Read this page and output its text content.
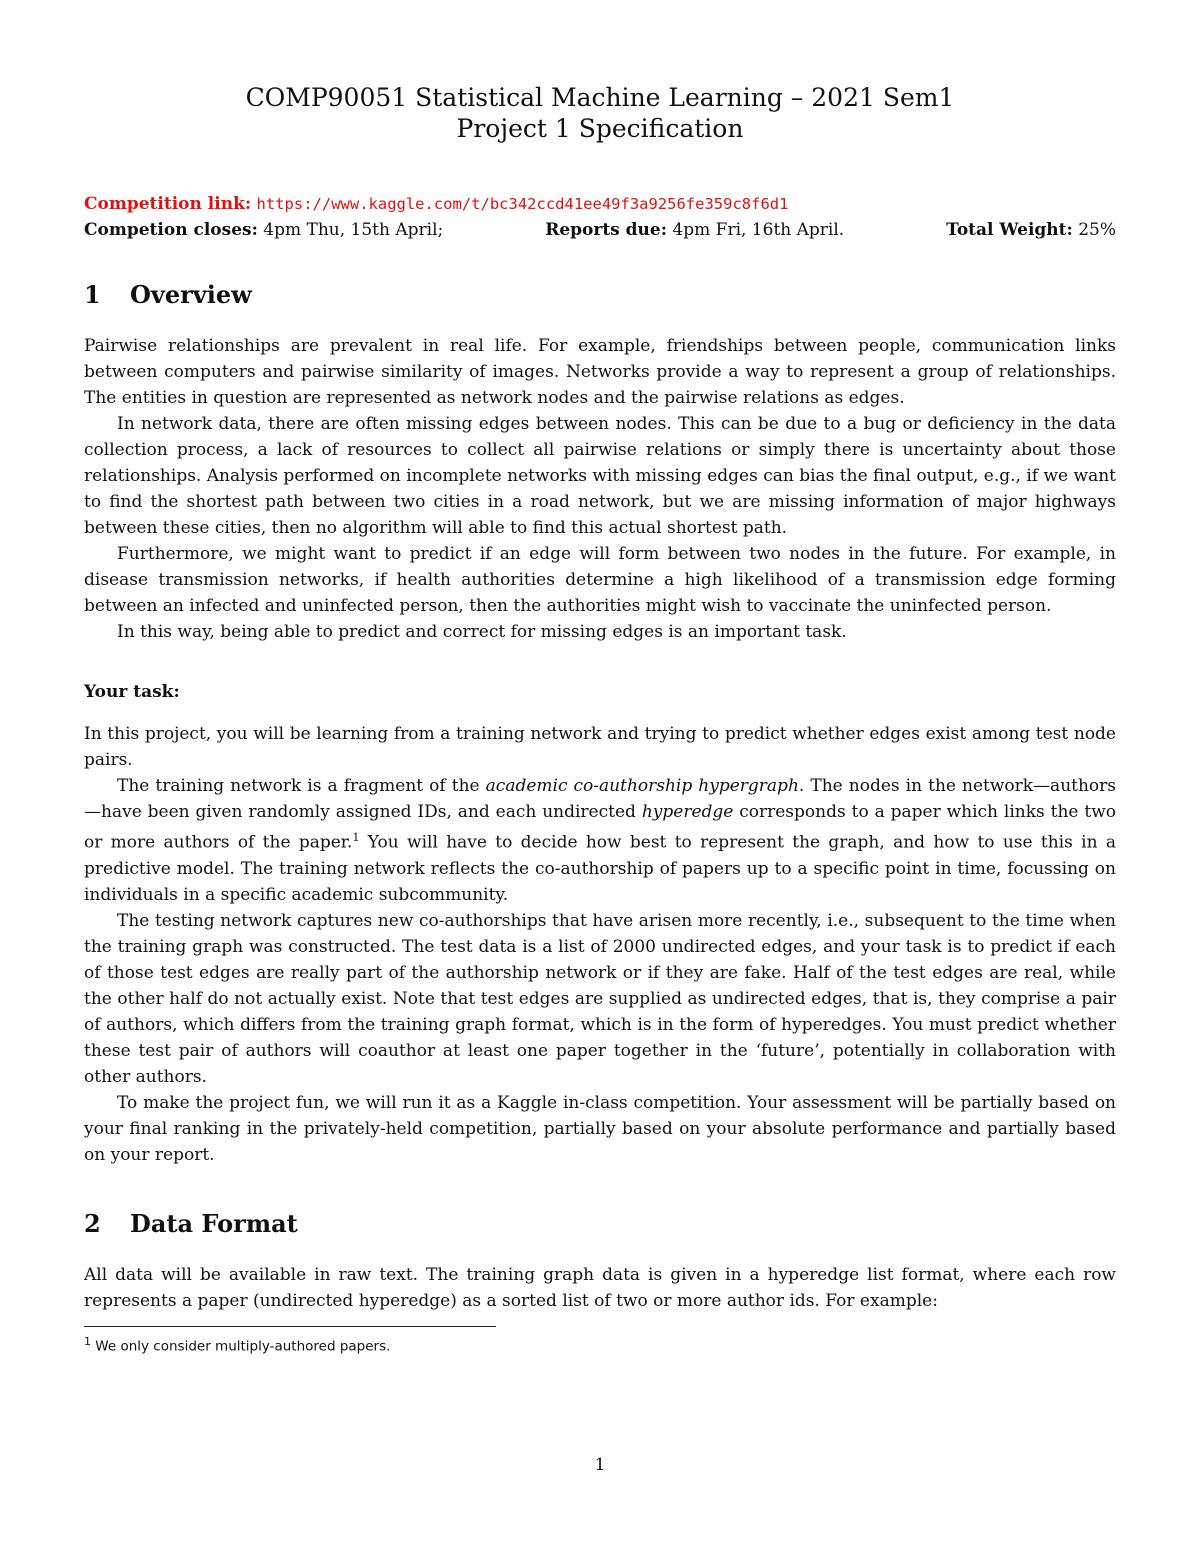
COMP90051 Statistical Machine Learning – 2021 Sem1
Project 1 Specification
Competition link: https://www.kaggle.com/t/bc342ccd41ee49f3a9256fe359c8f6d1
Competion closes: 4pm Thu, 15th April;	Reports due: 4pm Fri, 16th April.	Total Weight: 25%
1 Overview

Pairwise relationships are prevalent in real life. For example, friendships between people, communication links between computers and pairwise similarity of images. Networks provide a way to represent a group of relationships. The entities in question are represented as network nodes and the pairwise relations as edges.

In network data, there are often missing edges between nodes. This can be due to a bug or deficiency in the data collection process, a lack of resources to collect all pairwise relations or simply there is uncertainty about those relationships. Analysis performed on incomplete networks with missing edges can bias the final output, e.g., if we want to find the shortest path between two cities in a road network, but we are missing information of major highways between these cities, then no algorithm will able to find this actual shortest path.

Furthermore, we might want to predict if an edge will form between two nodes in the future. For example, in disease transmission networks, if health authorities determine a high likelihood of a transmission edge forming between an infected and uninfected person, then the authorities might wish to vaccinate the uninfected person.

In this way, being able to predict and correct for missing edges is an important task.

Your task:

In this project, you will be learning from a training network and trying to predict whether edges exist among test node pairs.

The training network is a fragment of the academic co-authorship hypergraph. The nodes in the network—authors—have been given randomly assigned IDs, and each undirected hyperedge corresponds to a paper which links the two or more authors of the paper.$^1$ You will have to decide how best to represent the graph, and how to use this in a predictive model. The training network reflects the co-authorship of papers up to a specific point in time, focussing on individuals in a specific academic subcommunity.

The testing network captures new co-authorships that have arisen more recently, i.e., subsequent to the time when the training graph was constructed. The test data is a list of 2000 undirected edges, and your task is to predict if each of those test edges are really part of the authorship network or if they are fake. Half of the test edges are real, while the other half do not actually exist. Note that test edges are supplied as undirected edges, that is, they comprise a pair of authors, which differs from the training graph format, which is in the form of hyperedges. You must predict whether these test pair of authors will coauthor at least one paper together in the ‘future’, potentially in collaboration with other authors.

To make the project fun, we will run it as a Kaggle in-class competition. Your assessment will be partially based on your final ranking in the privately-held competition, partially based on your absolute performance and partially based on your report.

2 Data Format

All data will be available in raw text. The training graph data is given in a hyperedge list format, where each row represents a paper (undirected hyperedge) as a sorted list of two or more author ids. For example:

$^1$ We only consider multiply-authored papers.
1
